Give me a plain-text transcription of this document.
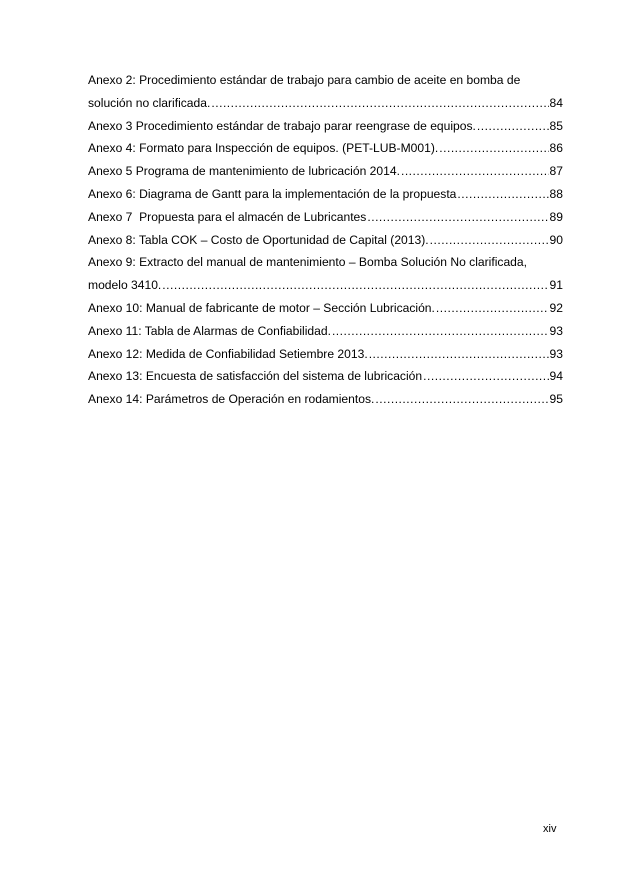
Anexo 2: Procedimiento estándar de trabajo para cambio de aceite en bomba de
solución no clarificada. .....	84
Anexo 3 Procedimiento estándar de trabajo parar reengrase de equipos. .....	85
Anexo 4: Formato para Inspección de equipos. (PET-LUB-M001). .....	86
Anexo 5 Programa de mantenimiento de lubricación 2014. .....	87
Anexo 6: Diagrama de Gantt para la implementación de la propuesta .....	88
Anexo 7  Propuesta para el almacén de Lubricantes .....	89
Anexo 8: Tabla COK – Costo de Oportunidad de Capital (2013). .....	90
Anexo 9: Extracto del manual de mantenimiento – Bomba Solución No clarificada,
modelo 3410. .....	91
Anexo 10: Manual de fabricante de motor – Sección Lubricación. .....	92
Anexo 11: Tabla de Alarmas de Confiabilidad. .....	93
Anexo 12: Medida de Confiabilidad Setiembre 2013. .....	93
Anexo 13: Encuesta de satisfacción del sistema de lubricación .....	94
Anexo 14: Parámetros de Operación en rodamientos. .....	95
xiv
